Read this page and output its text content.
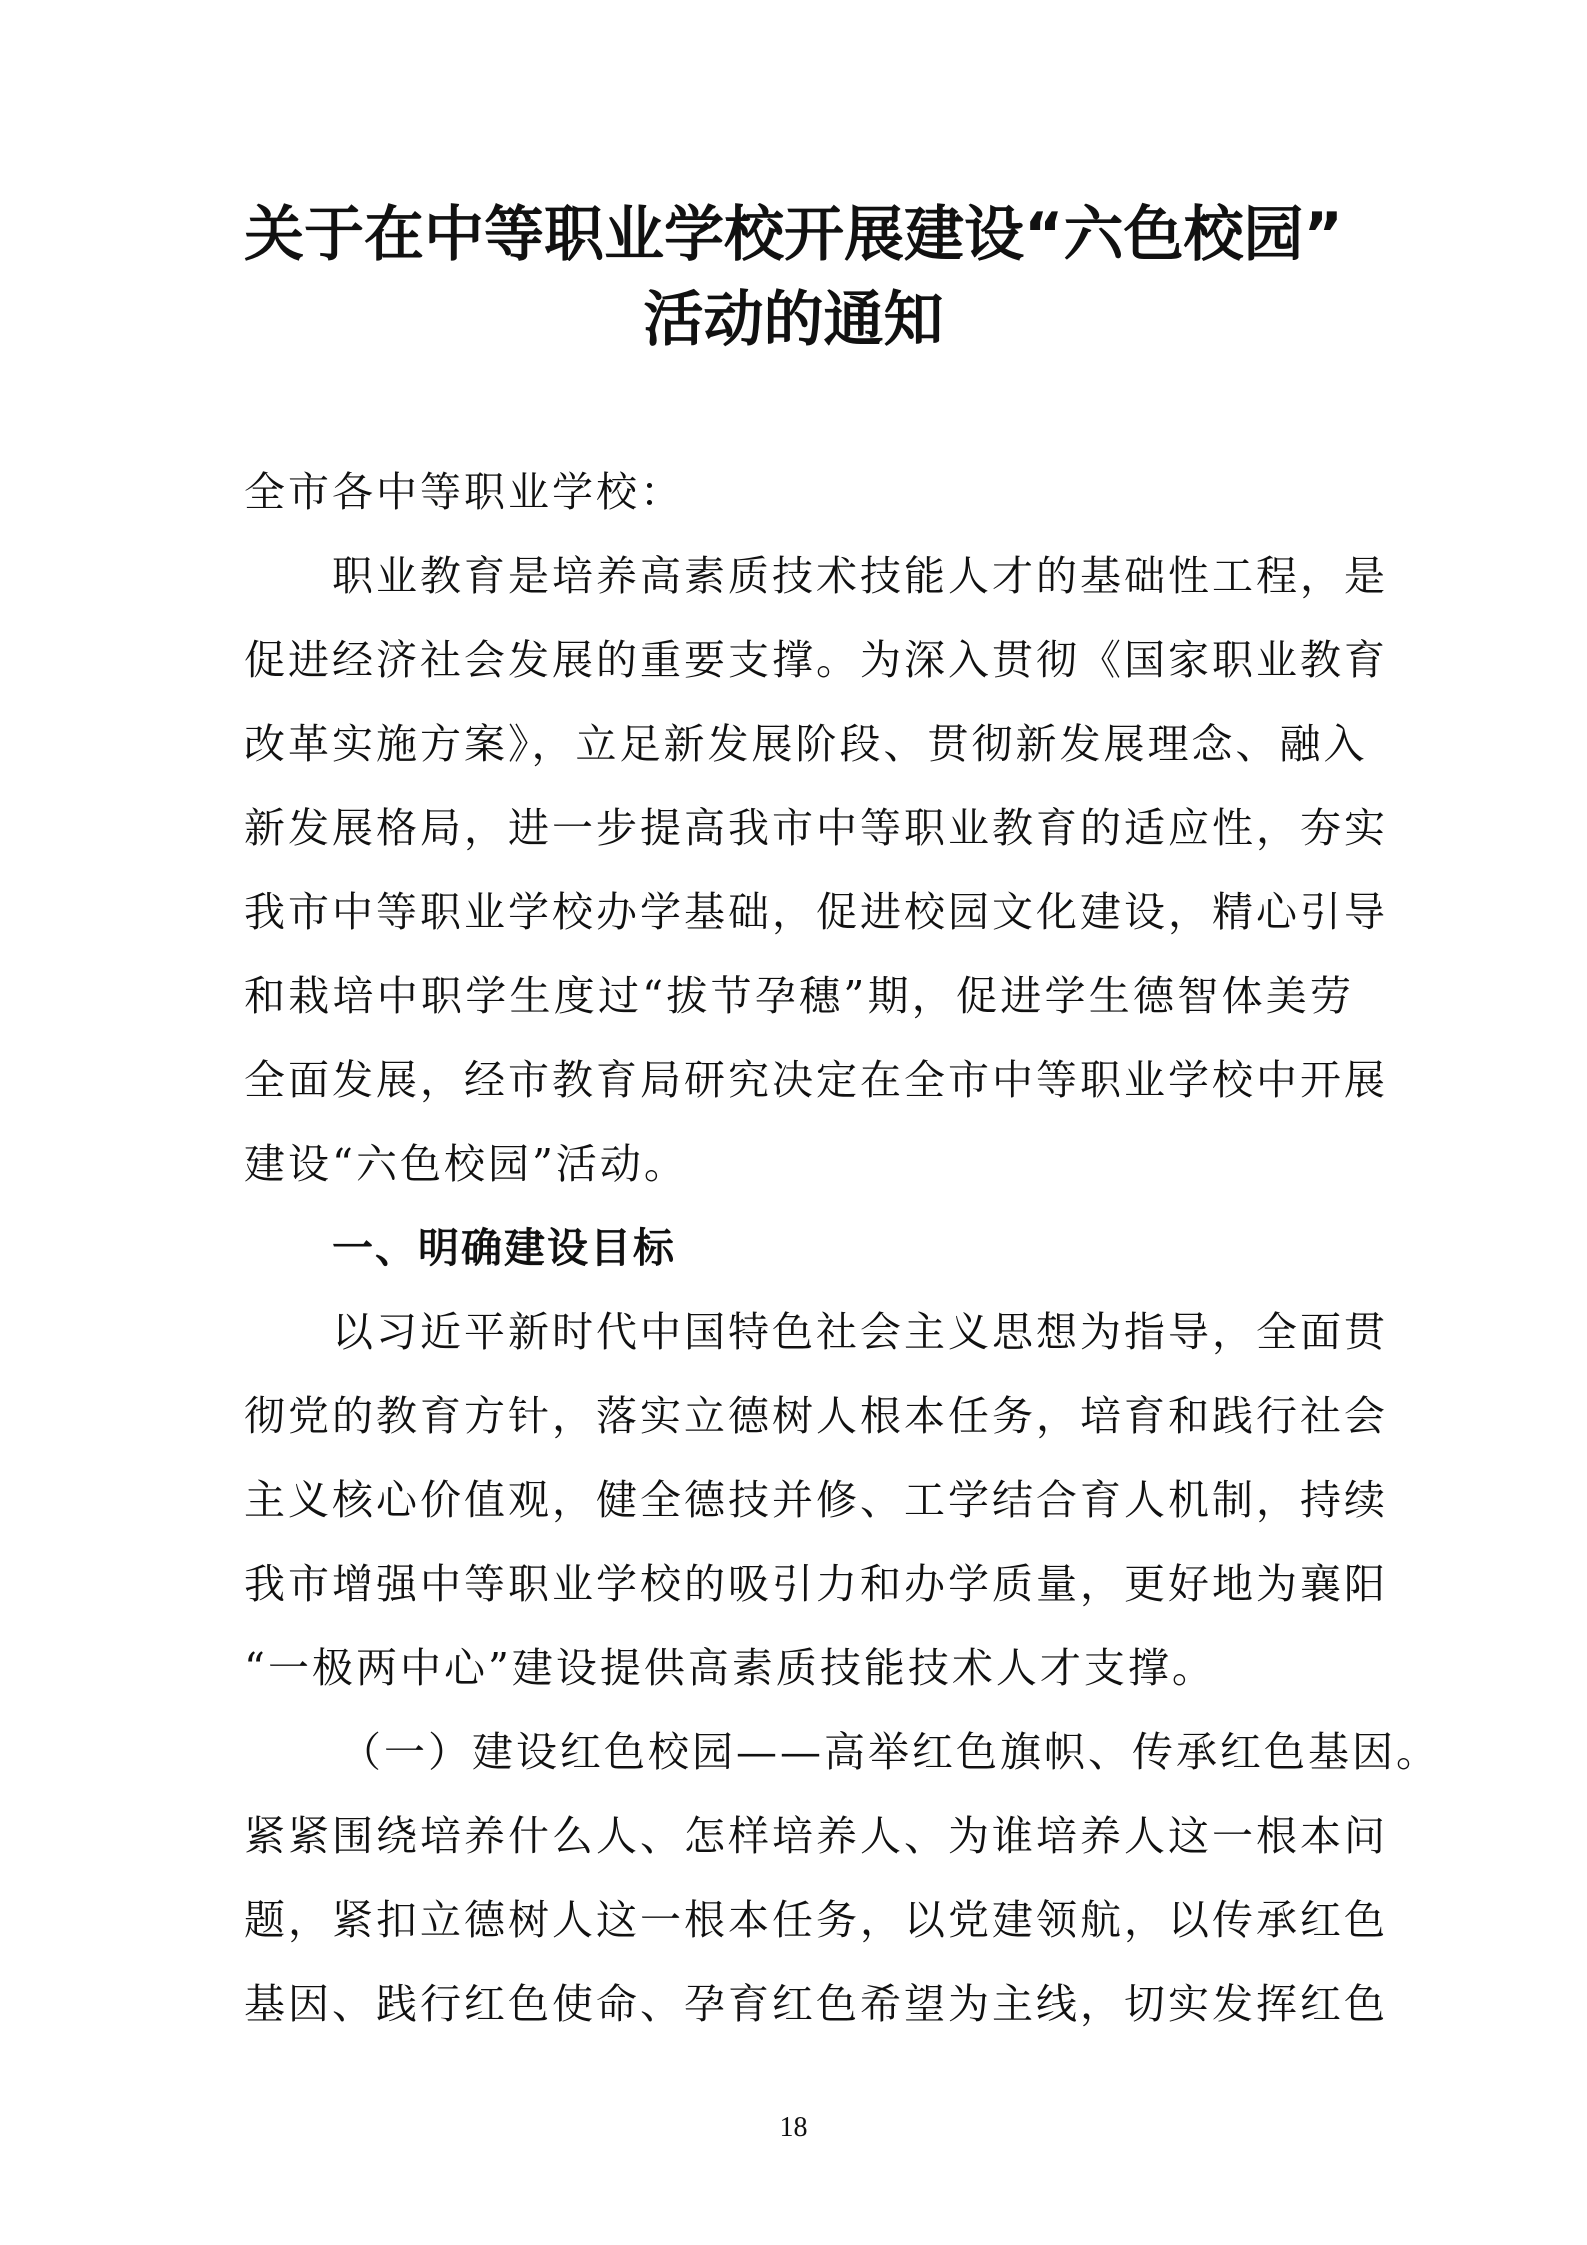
关于在中等职业学校开展建设“六色校园”
活动的通知

全市各中等职业学校：

职业教育是培养高素质技术技能人才的基础性工程，是

促进经济社会发展的重要支撑。为深入贯彻《国家职业教育

改革实施方案》，立足新发展阶段、贯彻新发展理念、融入

新发展格局，进一步提高我市中等职业教育的适应性，夯实

我市中等职业学校办学基础，促进校园文化建设，精心引导

和栽培中职学生度过“拔节孕穗”期，促进学生德智体美劳

全面发展，经市教育局研究决定在全市中等职业学校中开展

建设“六色校园”活动。

一、明确建设目标

以习近平新时代中国特色社会主义思想为指导，全面贯

彻党的教育方针，落实立德树人根本任务，培育和践行社会

主义核心价值观，健全德技并修、工学结合育人机制，持续

我市增强中等职业学校的吸引力和办学质量，更好地为襄阳

“一极两中心”建设提供高素质技能技术人才支撑。

（一）建设红色校园——高举红色旗帜、传承红色基因。

紧紧围绕培养什么人、怎样培养人、为谁培养人这一根本问

题，紧扣立德树人这一根本任务，以党建领航，以传承红色

基因、践行红色使命、孕育红色希望为主线，切实发挥红色

18
